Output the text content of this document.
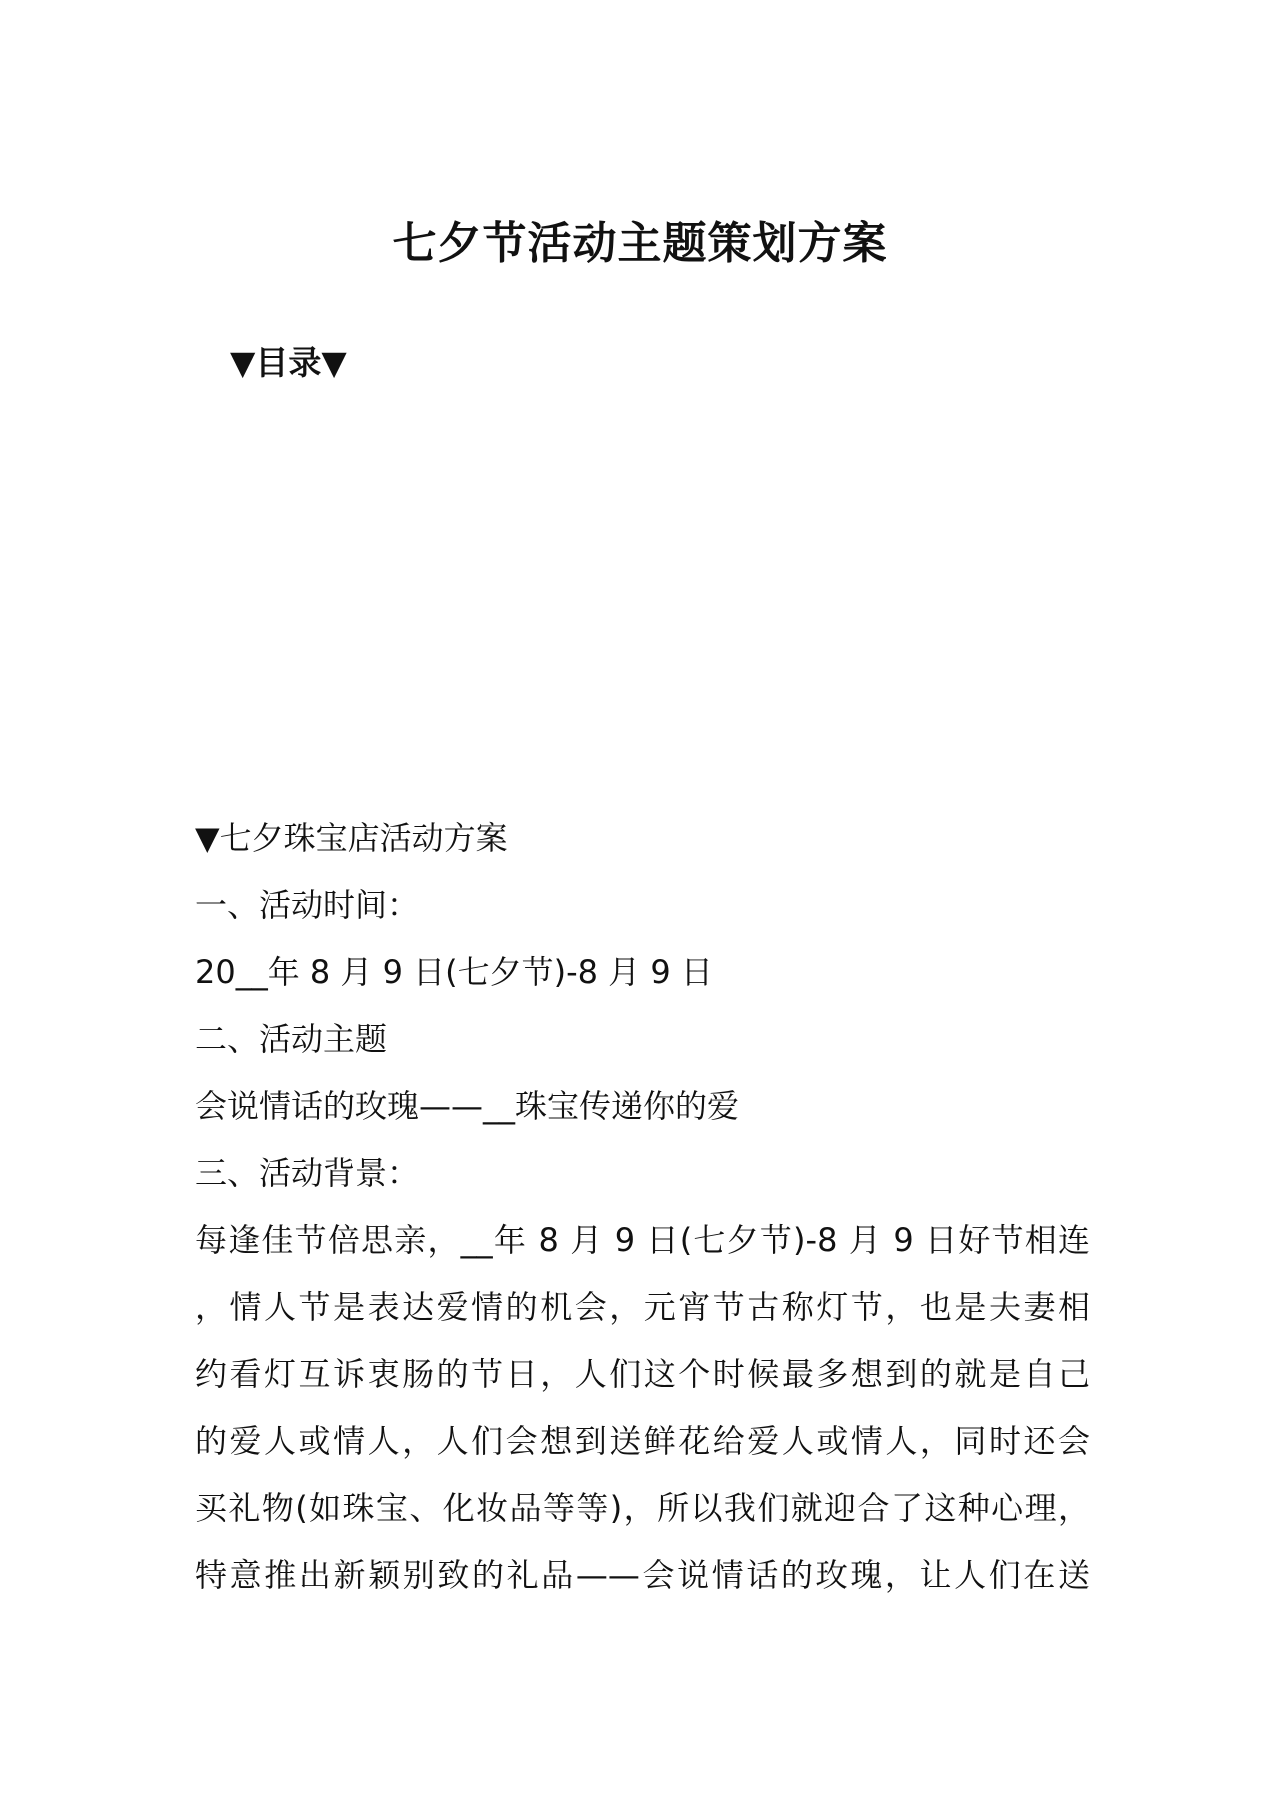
七夕节活动主题策划方案
▼目录▼
▼七夕珠宝店活动方案
一、活动时间：
20__年 8 月 9 日(七夕节)-8 月 9 日
二、活动主题
会说情话的玫瑰——__珠宝传递你的爱
三、活动背景：
每逢佳节倍思亲，__年 8 月 9 日(七夕节)-8 月 9 日好节相连
，情人节是表达爱情的机会，元宵节古称灯节，也是夫妻相
约看灯互诉衷肠的节日，人们这个时候最多想到的就是自己
的爱人或情人，人们会想到送鲜花给爱人或情人，同时还会
买礼物(如珠宝、化妆品等等)，所以我们就迎合了这种心理，
特意推出新颖别致的礼品——会说情话的玫瑰，让人们在送
